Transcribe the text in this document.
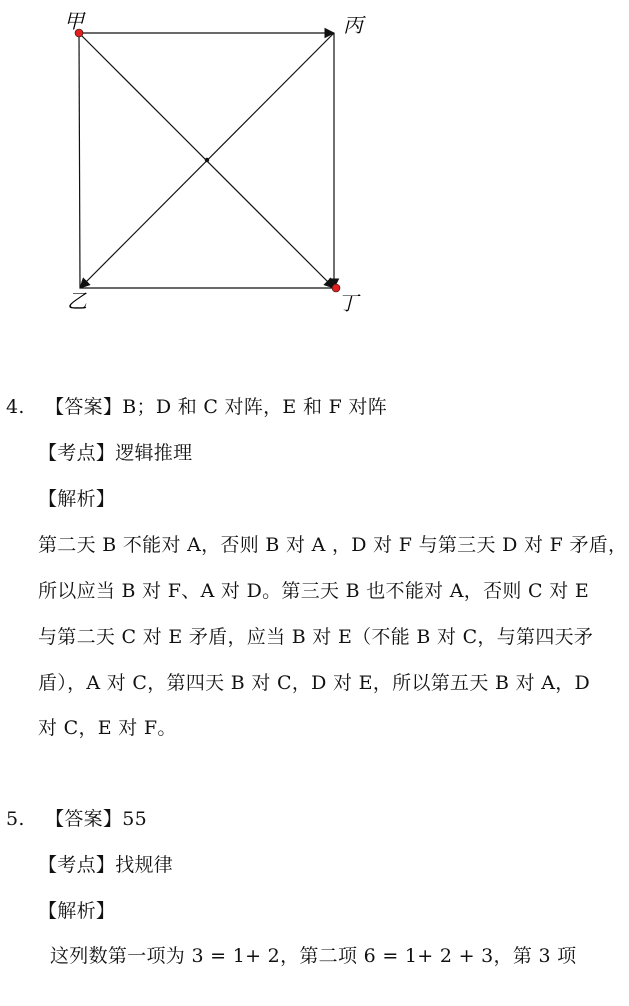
甲	丙
乙	丁
4. 【答案】B；D 和 C 对阵，E 和 F 对阵
【考点】逻辑推理
【解析】
第二天 B 不能对 A，否则 B 对 A ，D 对 F 与第三天 D 对 F 矛盾，
所以应当 B 对 F、A 对 D。第三天 B 也不能对 A，否则 C 对 E
与第二天 C 对 E 矛盾，应当 B 对 E（不能 B 对 C，与第四天矛
盾），A 对 C，第四天 B 对 C，D 对 E，所以第五天 B 对 A，D
对 C，E 对 F。
5. 【答案】55
【考点】找规律
【解析】
这列数第一项为 3 = 1+ 2，第二项 6 = 1+ 2 + 3，第 3 项
